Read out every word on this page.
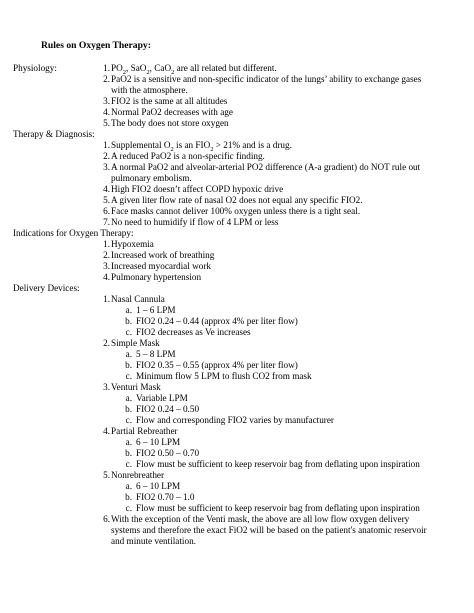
Rules on Oxygen Therapy:
Physiology:	1. $PO_2$, SaO$_2$, CaO$_2$ are all related but different.
2. PaO2 is a sensitive and non-specific indicator of the lungs’ ability to exchange gases
with the atmosphere.
3. FIO2 is the same at all altitudes
4. Normal PaO2 decreases with age
5. The body does not store oxygen
Therapy & Diagnosis:
1. Supplemental $O_2$ is an $FIO_2 > 21\%$ and is a drug.
2. A reduced PaO2 is a non-specific finding.
3. A normal PaO2 and alveolar-arterial PO2 difference (A-a gradient) do NOT rule out
pulmonary embolism.
4. High FIO2 doesn’t affect COPD hypoxic drive
5. A given liter flow rate of nasal O2 does not equal any specific FIO2.
6. Face masks cannot deliver 100% oxygen unless there is a tight seal.
7. No need to humidify if flow of 4 LPM or less
Indications for Oxygen Therapy:
1. Hypoxemia
2. Increased work of breathing
3. Increased myocardial work
4. Pulmonary hypertension
Delivery Devices:
1. Nasal Cannula
a. 1 – 6 LPM
b. FIO2 0.24 – 0.44 (approx 4% per liter flow)
c. FIO2 decreases as Ve increases
2. Simple Mask
a. 5 – 8 LPM
b. FIO2 0.35 – 0.55 (approx 4% per liter flow)
c. Minimum flow 5 LPM to flush CO2 from mask
3. Venturi Mask
a. Variable LPM
b. FIO2 0.24 – 0.50
c. Flow and corresponding FIO2 varies by manufacturer
4. Partial Rebreather
a. 6 – 10 LPM
b. FIO2 0.50 – 0.70
c. Flow must be sufficient to keep reservoir bag from deflating upon inspiration
5. Nonrebreather
a. 6 – 10 LPM
b. FIO2 0.70 – 1.0
c. Flow must be sufficient to keep reservoir bag from deflating upon inspiration
6. With the exception of the Venti mask, the above are all low flow oxygen delivery
systems and therefore the exact FiO2 will be based on the patient's anatomic reservoir
and minute ventilation.
